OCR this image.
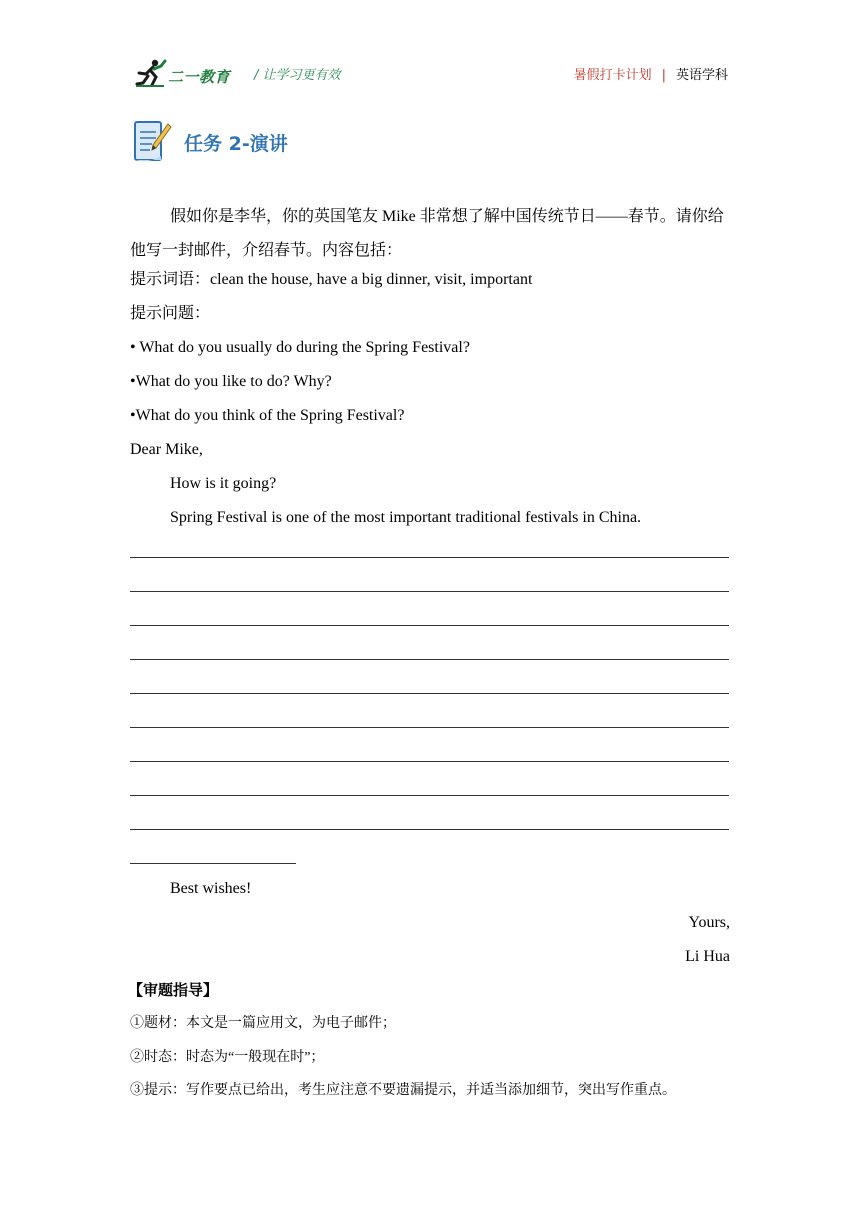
二一教育 / 让学习更有效	暑假打卡计划 | 英语学科
任务 2-演讲
假如你是李华，你的英国笔友 Mike 非常想了解中国传统节日——春节。请你给他写一封邮件，介绍春节。内容包括：
提示词语：clean the house, have a big dinner, visit, important
提示问题：
• What do you usually do during the Spring Festival?
•What do you like to do? Why?
•What do you think of the Spring Festival?
Dear Mike,
How is it going?
Spring Festival is one of the most important traditional festivals in China.
Best wishes!
Yours,
Li Hua
【审题指导】
①题材：本文是一篇应用文，为电子邮件；
②时态：时态为“一般现在时”；
③提示：写作要点已给出，考生应注意不要遗漏提示，并适当添加细节，突出写作重点。
